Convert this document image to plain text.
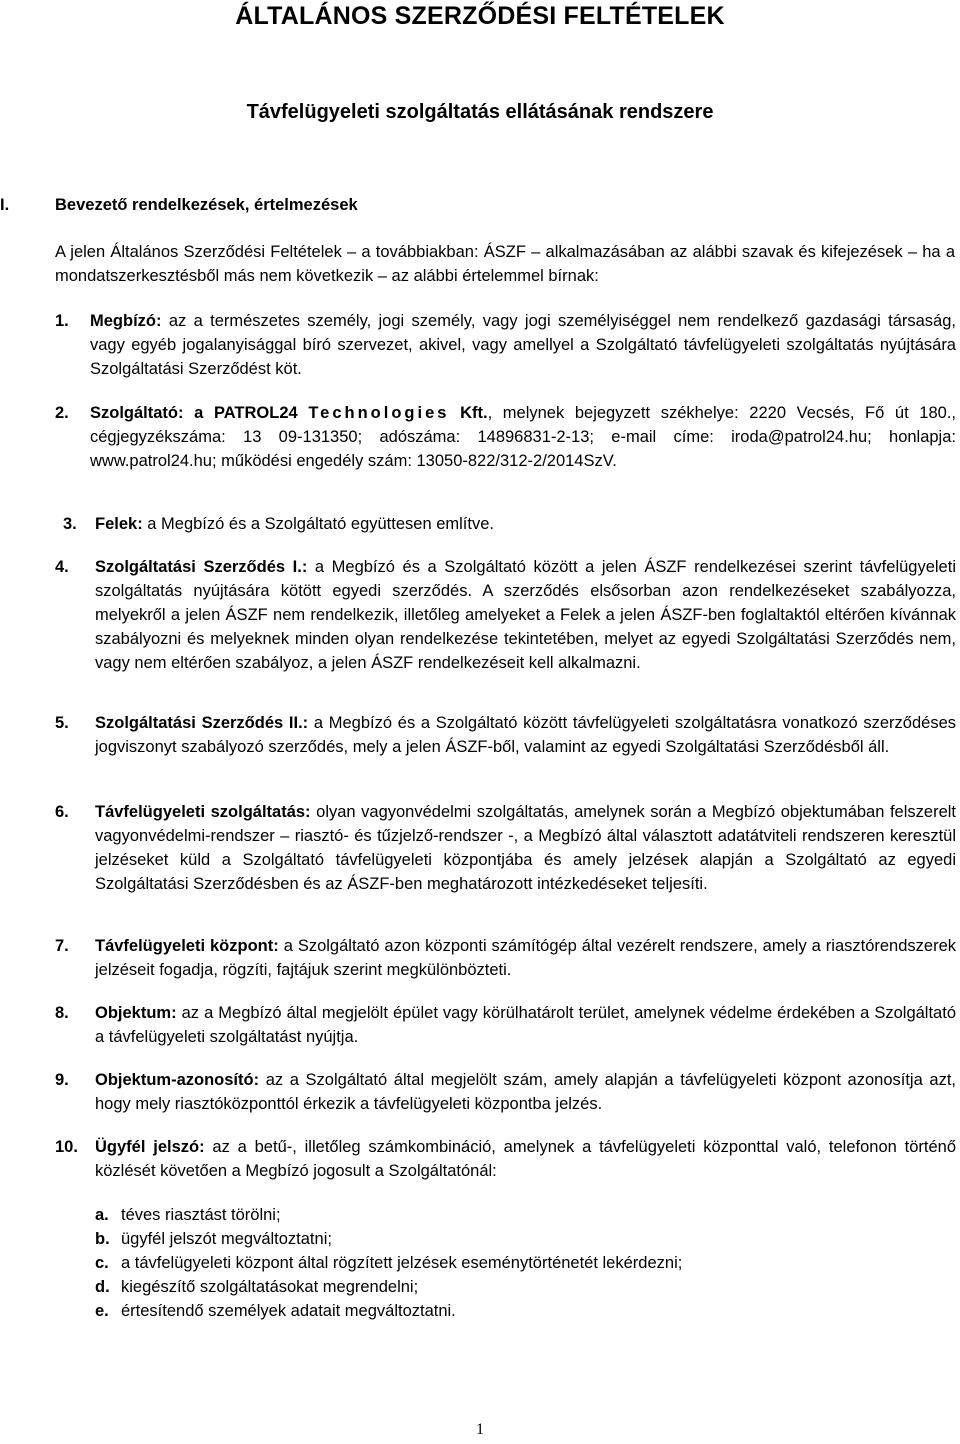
ÁLTALÁNOS SZERZŐDÉSI FELTÉTELEK
Távfelügyeleti szolgáltatás ellátásának rendszere
I.	Bevezető rendelkezések, értelmezések
A jelen Általános Szerződési Feltételek – a továbbiakban: ÁSZF – alkalmazásában az alábbi szavak és kifejezések – ha a mondatszerkesztésből más nem következik – az alábbi értelemmel bírnak:
1. Megbízó: az a természetes személy, jogi személy, vagy jogi személyiséggel nem rendelkező gazdasági társaság, vagy egyéb jogalanyisággal bíró szervezet, akivel, vagy amellyel a Szolgáltató távfelügyeleti szolgáltatás nyújtására Szolgáltatási Szerződést köt.
2. Szolgáltató: a PATROL24 Technologies Kft., melynek bejegyzett székhelye: 2220 Vecsés, Fő út 180., cégjegyzékszáma: 13 09-131350; adószáma: 14896831-2-13; e-mail címe: iroda@patrol24.hu; honlapja: www.patrol24.hu; működési engedély szám: 13050-822/312-2/2014SzV.
3. Felek: a Megbízó és a Szolgáltató együttesen említve.
4. Szolgáltatási Szerződés I.: a Megbízó és a Szolgáltató között a jelen ÁSZF rendelkezései szerint távfelügyeleti szolgáltatás nyújtására kötött egyedi szerződés. A szerződés elsősorban azon rendelkezéseket szabályozza, melyekről a jelen ÁSZF nem rendelkezik, illetőleg amelyeket a Felek a jelen ÁSZF-ben foglaltaktól eltérően kívánnak szabályozni és melyeknek minden olyan rendelkezése tekintetében, melyet az egyedi Szolgáltatási Szerződés nem, vagy nem eltérően szabályoz, a jelen ÁSZF rendelkezéseit kell alkalmazni.
5. Szolgáltatási Szerződés II.: a Megbízó és a Szolgáltató között távfelügyeleti szolgáltatásra vonatkozó szerződéses jogviszonyt szabályozó szerződés, mely a jelen ÁSZF-ből, valamint az egyedi Szolgáltatási Szerződésből áll.
6. Távfelügyeleti szolgáltatás: olyan vagyonvédelmi szolgáltatás, amelynek során a Megbízó objektumában felszerelt vagyonvédelmi-rendszer – riasztó- és tűzjelző-rendszer -, a Megbízó által választott adatátviteli rendszeren keresztül jelzéseket küld a Szolgáltató távfelügyeleti központjába és amely jelzések alapján a Szolgáltató az egyedi Szolgáltatási Szerződésben és az ÁSZF-ben meghatározott intézkedéseket teljesíti.
7. Távfelügyeleti központ: a Szolgáltató azon központi számítógép által vezérelt rendszere, amely a riasztórendszerek jelzéseit fogadja, rögzíti, fajtájuk szerint megkülönbözteti.
8. Objektum: az a Megbízó által megjelölt épület vagy körülhatárolt terület, amelynek védelme érdekében a Szolgáltató a távfelügyeleti szolgáltatást nyújtja.
9. Objektum-azonosító: az a Szolgáltató által megjelölt szám, amely alapján a távfelügyeleti központ azonosítja azt, hogy mely riasztóközponttól érkezik a távfelügyeleti központba jelzés.
10. Ügyfél jelszó: az a betű-, illetőleg számkombináció, amelynek a távfelügyeleti központtal való, telefonon történő közlését követően a Megbízó jogosult a Szolgáltatónál:
a. téves riasztást törölni;
b. ügyfél jelszót megváltoztatni;
c. a távfelügyeleti központ által rögzített jelzések eseménytörténetét lekérdezni;
d. kiegészítő szolgáltatásokat megrendelni;
e. értesítendő személyek adatait megváltoztatni.
1
